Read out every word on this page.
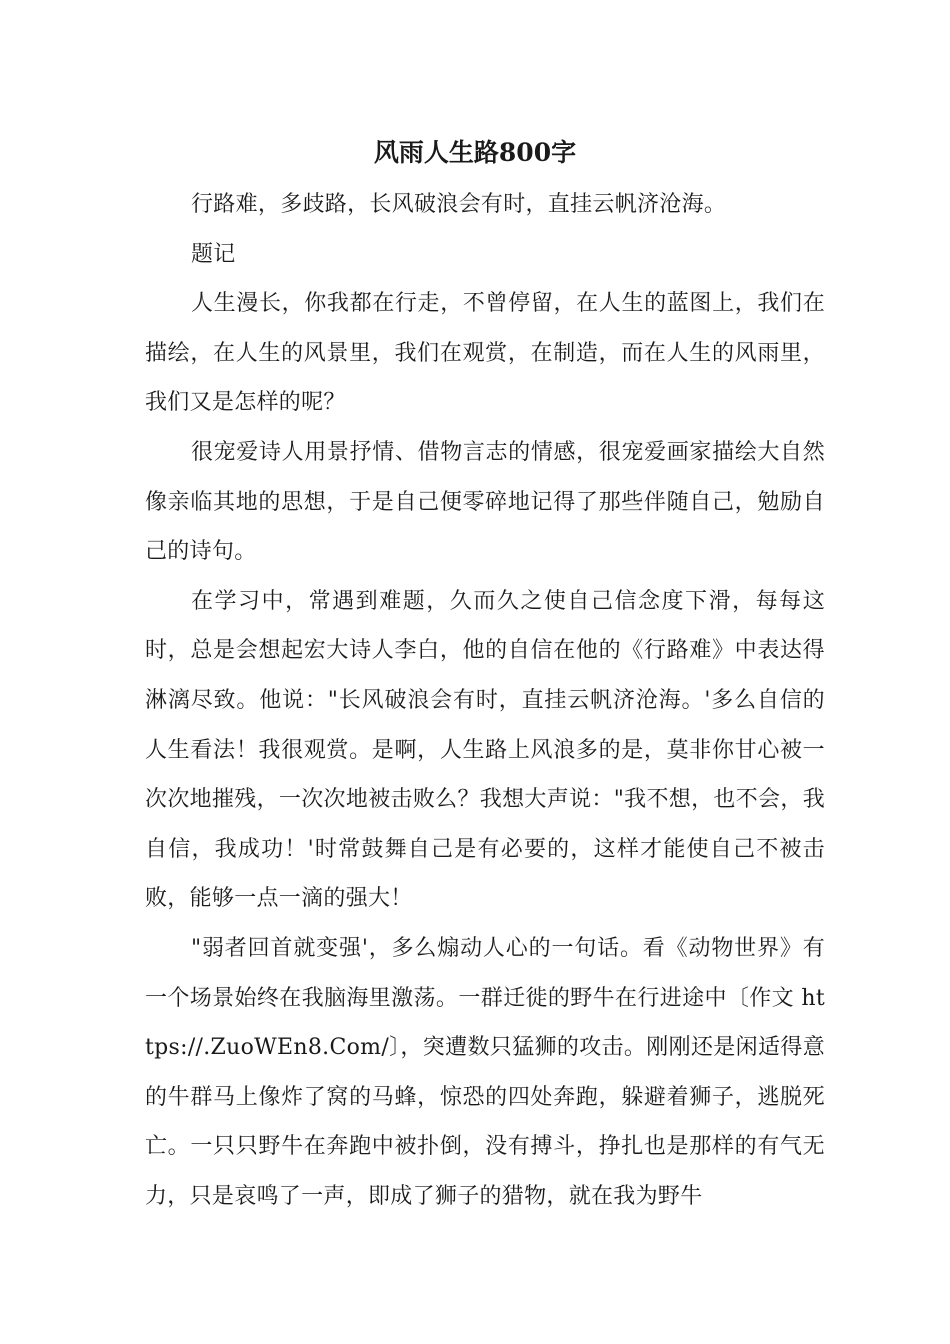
风雨人生路800字

行路难，多歧路，长风破浪会有时，直挂云帆济沧海。

题记

人生漫长，你我都在行走，不曾停留，在人生的蓝图上，我们在描绘，在人生的风景里，我们在观赏，在制造，而在人生的风雨里，我们又是怎样的呢？

很宠爱诗人用景抒情、借物言志的情感，很宠爱画家描绘大自然像亲临其地的思想，于是自己便零碎地记得了那些伴随自己，勉励自己的诗句。

在学习中，常遇到难题，久而久之使自己信念度下滑，每每这时，总是会想起宏大诗人李白，他的自信在他的《行路难》中表达得淋漓尽致。他说："长风破浪会有时，直挂云帆济沧海。'多么自信的人生看法！我很观赏。是啊，人生路上风浪多的是，莫非你甘心被一次次地摧残，一次次地被击败么？我想大声说："我不想，也不会，我自信，我成功！'时常鼓舞自己是有必要的，这样才能使自己不被击败，能够一点一滴的强大！

"弱者回首就变强'，多么煽动人心的一句话。看《动物世界》有一个场景始终在我脑海里激荡。一群迁徙的野牛在行进途中〔作文 https://.ZuoWEn8.Com/〕，突遭数只猛狮的攻击。刚刚还是闲适得意的牛群马上像炸了窝的马蜂，惊恐的四处奔跑，躲避着狮子，逃脱死亡。一只只野牛在奔跑中被扑倒，没有搏斗，挣扎也是那样的有气无力，只是哀鸣了一声，即成了狮子的猎物，就在我为野牛
